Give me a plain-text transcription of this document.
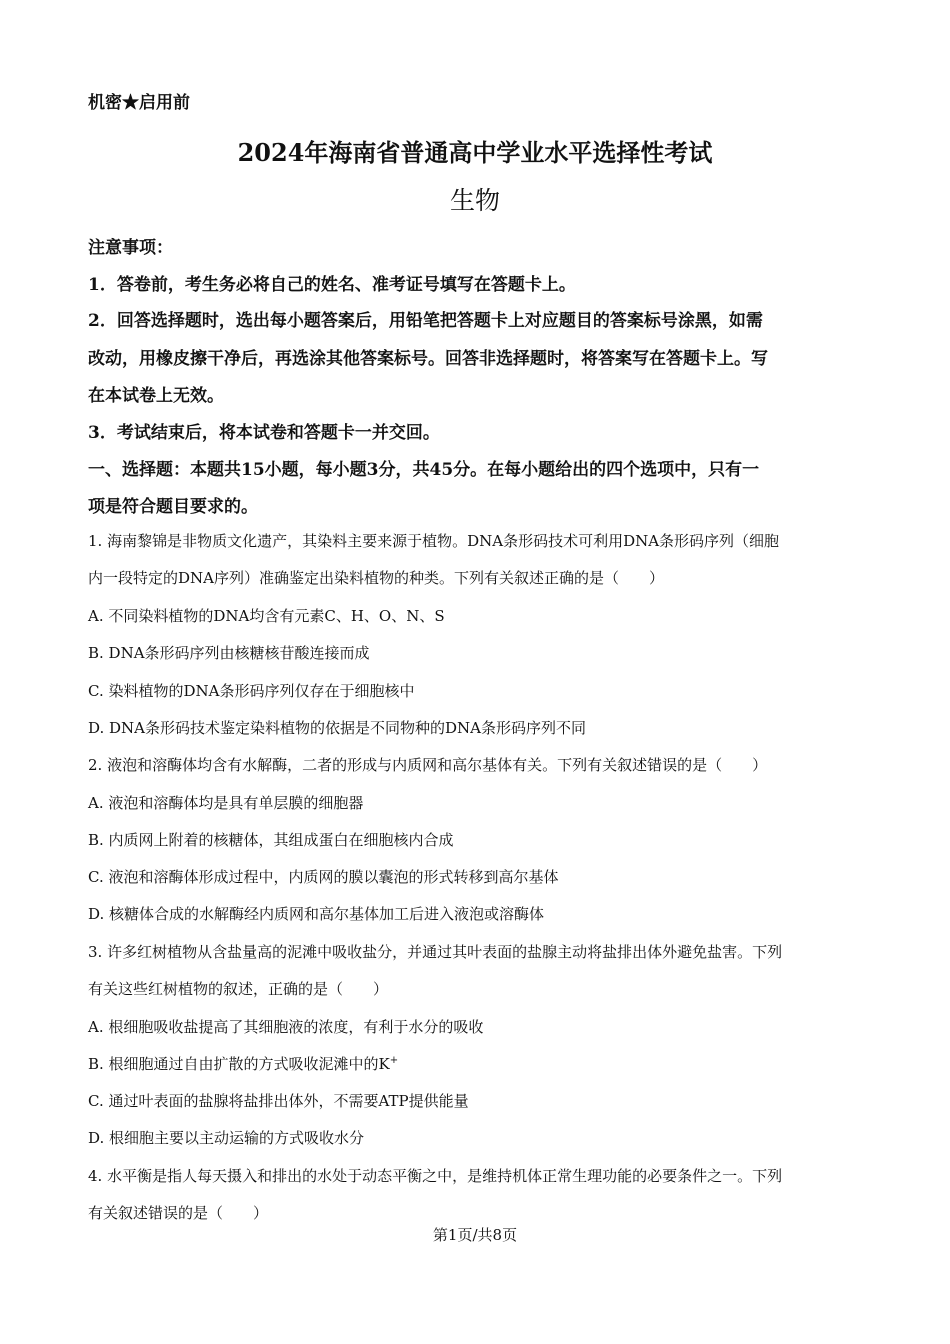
机密★启用前
2024年海南省普通高中学业水平选择性考试
生物
注意事项：
1．答卷前，考生务必将自己的姓名、准考证号填写在答题卡上。
2．回答选择题时，选出每小题答案后，用铅笔把答题卡上对应题目的答案标号涂黑，如需
改动，用橡皮擦干净后，再选涂其他答案标号。回答非选择题时，将答案写在答题卡上。写
在本试卷上无效。
3．考试结束后，将本试卷和答题卡一并交回。
一、选择题：本题共15小题，每小题3分，共45分。在每小题给出的四个选项中，只有一
项是符合题目要求的。
1. 海南黎锦是非物质文化遗产，其染料主要来源于植物。DNA条形码技术可利用DNA条形码序列（细胞
内一段特定的DNA序列）准确鉴定出染料植物的种类。下列有关叙述正确的是（　　）
A. 不同染料植物的DNA均含有元素C、H、O、N、S
B. DNA条形码序列由核糖核苷酸连接而成
C. 染料植物的DNA条形码序列仅存在于细胞核中
D. DNA条形码技术鉴定染料植物的依据是不同物种的DNA条形码序列不同
2. 液泡和溶酶体均含有水解酶，二者的形成与内质网和高尔基体有关。下列有关叙述错误的是（　　）
A. 液泡和溶酶体均是具有单层膜的细胞器
B. 内质网上附着的核糖体，其组成蛋白在细胞核内合成
C. 液泡和溶酶体形成过程中，内质网的膜以囊泡的形式转移到高尔基体
D. 核糖体合成的水解酶经内质网和高尔基体加工后进入液泡或溶酶体
3. 许多红树植物从含盐量高的泥滩中吸收盐分，并通过其叶表面的盐腺主动将盐排出体外避免盐害。下列
有关这些红树植物的叙述，正确的是（　　）
A. 根细胞吸收盐提高了其细胞液的浓度，有利于水分的吸收
B. 根细胞通过自由扩散的方式吸收泥滩中的K+
C. 通过叶表面的盐腺将盐排出体外，不需要ATP提供能量
D. 根细胞主要以主动运输的方式吸收水分
4. 水平衡是指人每天摄入和排出的水处于动态平衡之中，是维持机体正常生理功能的必要条件之一。下列
有关叙述错误的是（　　）
第1页/共8页
